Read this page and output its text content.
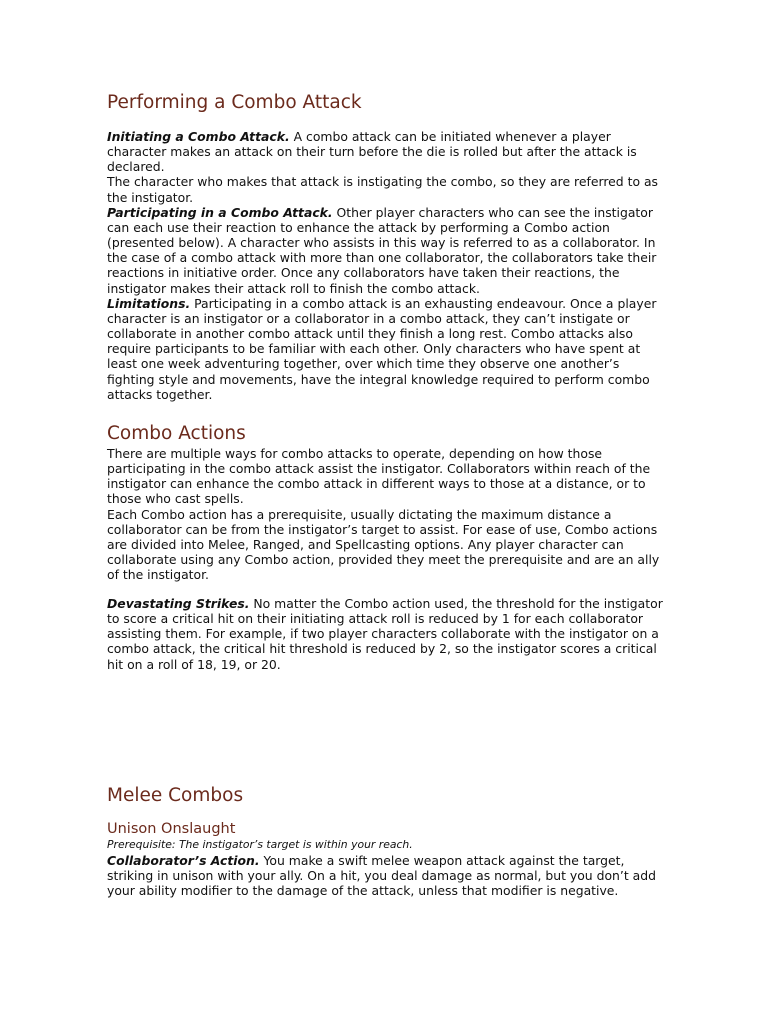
Performing a Combo Attack

Initiating a Combo Attack. A combo attack can be initiated whenever a player character makes an attack on their turn before the die is rolled but after the attack is declared.

The character who makes that attack is instigating the combo, so they are referred to as the instigator.

Participating in a Combo Attack. Other player characters who can see the instigator can each use their reaction to enhance the attack by performing a Combo action (presented below). A character who assists in this way is referred to as a collaborator. In the case of a combo attack with more than one collaborator, the collaborators take their reactions in initiative order. Once any collaborators have taken their reactions, the instigator makes their attack roll to finish the combo attack.

Limitations. Participating in a combo attack is an exhausting endeavour. Once a player character is an instigator or a collaborator in a combo attack, they can’t instigate or collaborate in another combo attack until they finish a long rest. Combo attacks also require participants to be familiar with each other. Only characters who have spent at least one week adventuring together, over which time they observe one another’s fighting style and movements, have the integral knowledge required to perform combo attacks together.

Combo Actions

There are multiple ways for combo attacks to operate, depending on how those participating in the combo attack assist the instigator. Collaborators within reach of the instigator can enhance the combo attack in different ways to those at a distance, or to those who cast spells.

Each Combo action has a prerequisite, usually dictating the maximum distance a collaborator can be from the instigator’s target to assist. For ease of use, Combo actions are divided into Melee, Ranged, and Spellcasting options. Any player character can collaborate using any Combo action, provided they meet the prerequisite and are an ally of the instigator.

Devastating Strikes. No matter the Combo action used, the threshold for the instigator to score a critical hit on their initiating attack roll is reduced by 1 for each collaborator assisting them. For example, if two player characters collaborate with the instigator on a combo attack, the critical hit threshold is reduced by 2, so the instigator scores a critical hit on a roll of 18, 19, or 20.

Melee Combos
Unison Onslaught

Prerequisite: The instigator’s target is within your reach.

Collaborator’s Action. You make a swift melee weapon attack against the target, striking in unison with your ally. On a hit, you deal damage as normal, but you don’t add your ability modifier to the damage of the attack, unless that modifier is negative.
